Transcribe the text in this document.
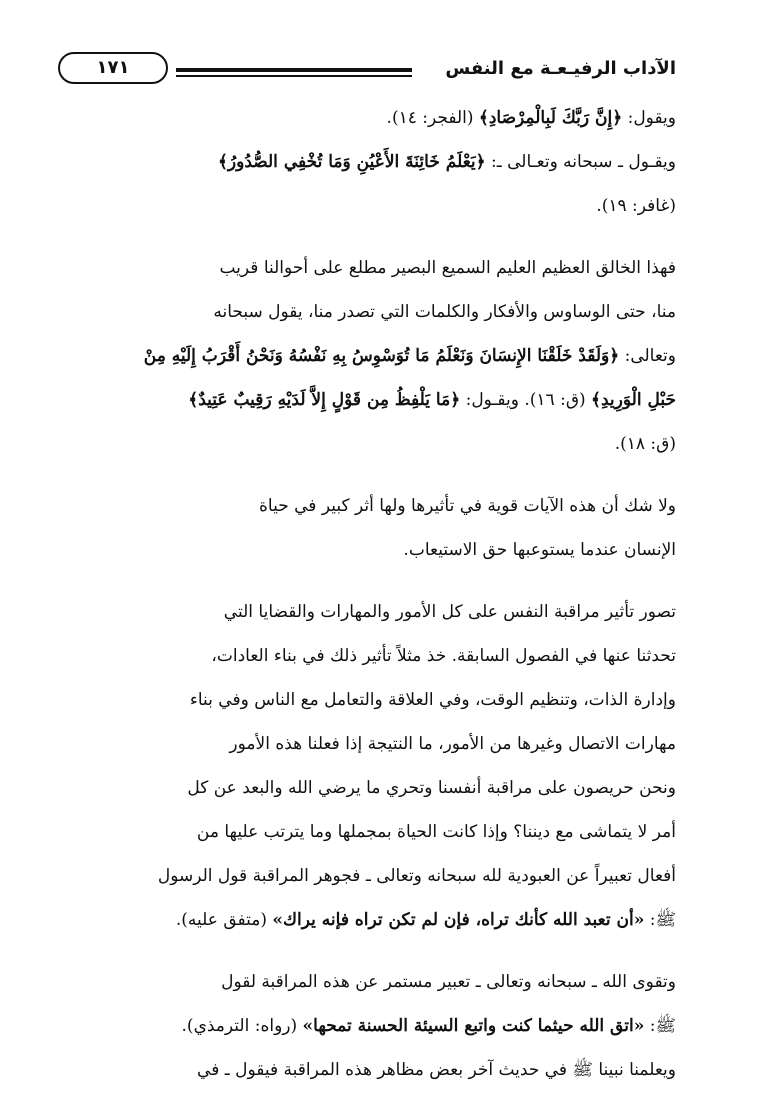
الآداب الرفيـعـة مع النفس
١٧١
ويقول: ﴿إِنَّ رَبَّكَ لَبِالْمِرْصَادِ﴾ (الفجر: ١٤).
ويقـول ـ سبحانه وتعـالى ـ: ﴿يَعْلَمُ خَائِنَةَ الأَعْيُنِ وَمَا تُخْفِي الصُّدُورُ﴾
(غافر: ١٩).
فهذا الخالق العظيم العليم السميع البصير مطلع على أحوالنا قريب
منا، حتى الوساوس والأفكار والكلمات التي تصدر منا، يقول سبحانه
وتعالى: ﴿وَلَقَدْ خَلَقْنَا الإِنسَانَ وَنَعْلَمُ مَا تُوَسْوِسُ بِهِ نَفْسُهُ وَنَحْنُ أَقْرَبُ إِلَيْهِ مِنْ
حَبْلِ الْوَرِيدِ﴾ (ق: ١٦). ويقـول: ﴿مَا يَلْفِظُ مِن قَوْلٍ إِلاَّ لَدَيْهِ رَقِيبٌ عَتِيدٌ﴾
(ق: ١٨).
ولا شك أن هذه الآيات قوية في تأثيرها ولها أثر كبير في حياة
الإنسان عندما يستوعبها حق الاستيعاب.
تصور تأثير مراقبة النفس على كل الأمور والمهارات والقضايا التي
تحدثنا عنها في الفصول السابقة. خذ مثلاً تأثير ذلك في بناء العادات،
وإدارة الذات، وتنظيم الوقت، وفي العلاقة والتعامل مع الناس وفي بناء
مهارات الاتصال وغيرها من الأمور، ما النتيجة إذا فعلنا هذه الأمور
ونحن حريصون على مراقبة أنفسنا وتحري ما يرضي الله والبعد عن كل
أمر لا يتماشى مع ديننا؟ وإذا كانت الحياة بمجملها وما يترتب عليها من
أفعال تعبيراً عن العبودية لله سبحانه وتعالى ـ فجوهر المراقبة قول الرسول
ﷺ: «أن تعبد الله كأنك تراه، فإن لم تكن تراه فإنه يراك» (متفق عليه).
وتقوى الله ـ سبحانه وتعالى ـ تعبير مستمر عن هذه المراقبة لقول
ﷺ: «اتق الله حيثما كنت واتبع السيئة الحسنة تمحها» (رواه: الترمذي).
ويعلمنا نبينا ﷺ في حديث آخر بعض مظاهر هذه المراقبة فيقول ـ في
